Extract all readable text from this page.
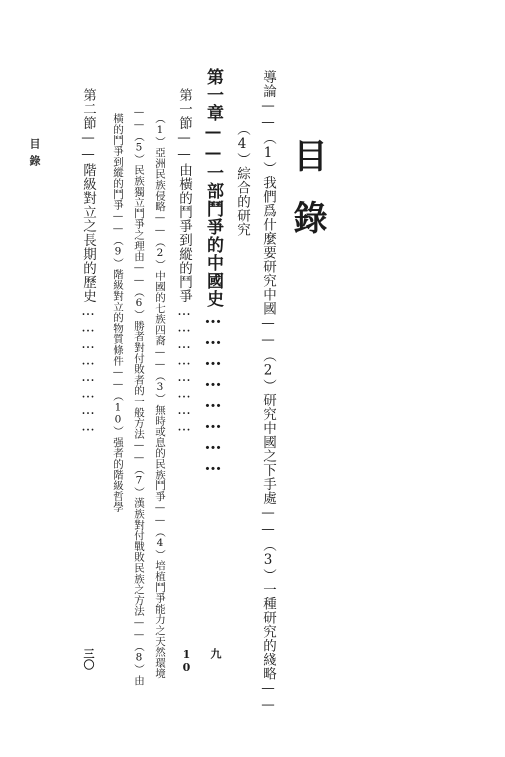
目錄
導論——（1）我們爲什麼要研究中國——（2）研究中國之下手處——（3）一種研究的綫略——
（4）綜合的研究
第一章——一部鬥爭的中國史……………………
九
第一節——由橫的鬥爭到縱的鬥爭……………………
10
（1）亞洲民族侵略——（2）中國的七族四裔——（3）無時或息的民族鬥爭——（4）培植鬥爭能力之天然環境
——（5）民族獨立鬥爭之理由——（6）勝者對付敗者的一般方法——（7）漢族對付戰敗民族之方法——（8）由
橫的鬥爭到縱的鬥爭——（9）階級對立的物質條件——（10）强者的階級哲學
第二節——階級對立之長期的歷史……………………
三〇
目錄
